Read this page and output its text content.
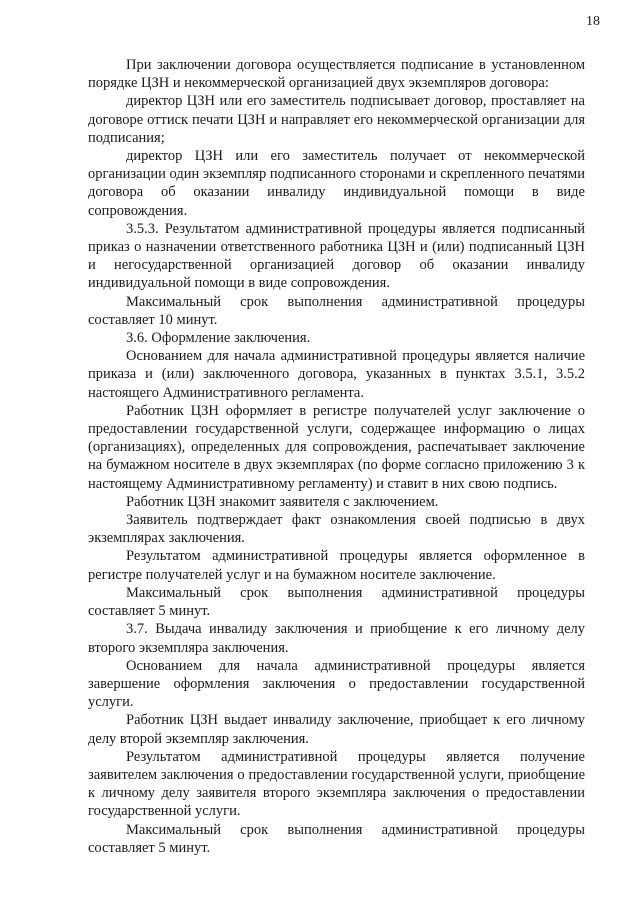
18

При заключении договора осуществляется подписание в установленном порядке ЦЗН и некоммерческой организацией двух экземпляров договора:

директор ЦЗН или его заместитель подписывает договор, проставляет на договоре оттиск печати ЦЗН и направляет его некоммерческой организации для подписания;

директор ЦЗН или его заместитель получает от некоммерческой организации один экземпляр подписанного сторонами и скрепленного печатями договора об оказании инвалиду индивидуальной помощи в виде сопровождения.

3.5.3. Результатом административной процедуры является подписанный приказ о назначении ответственного работника ЦЗН и (или) подписанный ЦЗН и негосударственной организацией договор об оказании инвалиду индивидуальной помощи в виде сопровождения.

Максимальный срок выполнения административной процедуры составляет 10 минут.

3.6. Оформление заключения.

Основанием для начала административной процедуры является наличие приказа и (или) заключенного договора, указанных в пунктах 3.5.1, 3.5.2 настоящего Административного регламента.

Работник ЦЗН оформляет в регистре получателей услуг заключение о предоставлении государственной услуги, содержащее информацию о лицах (организациях), определенных для сопровождения, распечатывает заключение на бумажном носителе в двух экземплярах (по форме согласно приложению 3 к настоящему Административному регламенту) и ставит в них свою подпись.

Работник ЦЗН знакомит заявителя с заключением.

Заявитель подтверждает факт ознакомления своей подписью в двух экземплярах заключения.

Результатом административной процедуры является оформленное в регистре получателей услуг и на бумажном носителе заключение.

Максимальный срок выполнения административной процедуры составляет 5 минут.

3.7. Выдача инвалиду заключения и приобщение к его личному делу второго экземпляра заключения.

Основанием для начала административной процедуры является завершение оформления заключения о предоставлении государственной услуги.

Работник ЦЗН выдает инвалиду заключение, приобщает к его личному делу второй экземпляр заключения.

Результатом административной процедуры является получение заявителем заключения о предоставлении государственной услуги, приобщение к личному делу заявителя второго экземпляра заключения о предоставлении государственной услуги.

Максимальный срок выполнения административной процедуры составляет 5 минут.
